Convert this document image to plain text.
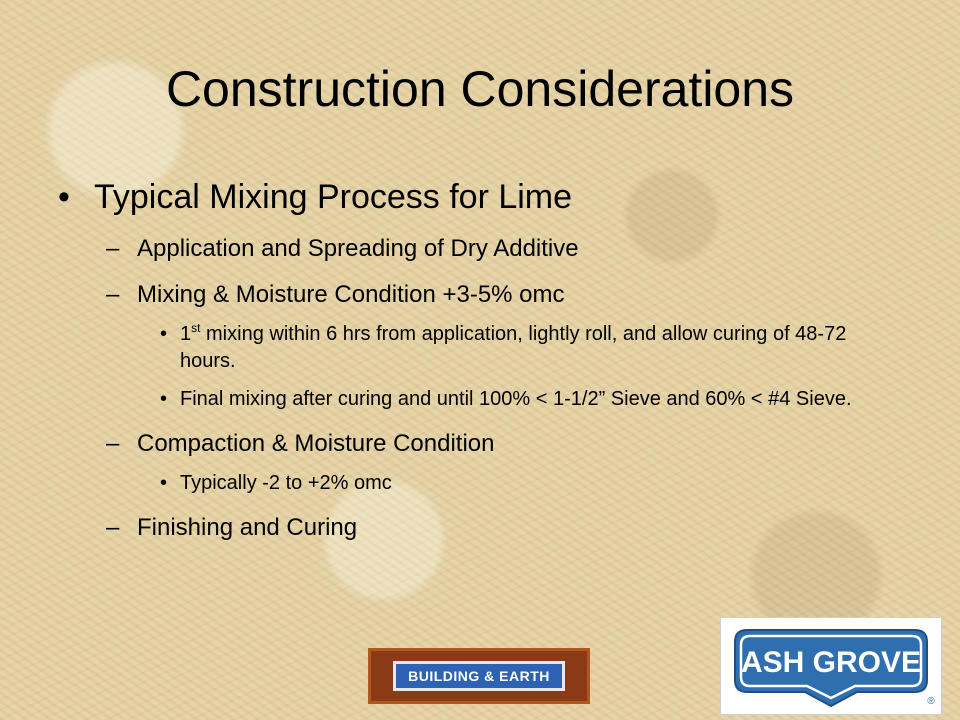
Construction Considerations
• Typical Mixing Process for Lime
– Application and Spreading of Dry Additive
– Mixing & Moisture Condition +3-5% omc
• 1st mixing within 6 hrs from application, lightly roll, and allow curing of 48-72 hours.
• Final mixing after curing and until 100% < 1-1/2” Sieve and 60% < #4 Sieve.
– Compaction & Moisture Condition
• Typically -2 to +2% omc
– Finishing and Curing
BUILDING & EARTH	ASH GROVE
®
